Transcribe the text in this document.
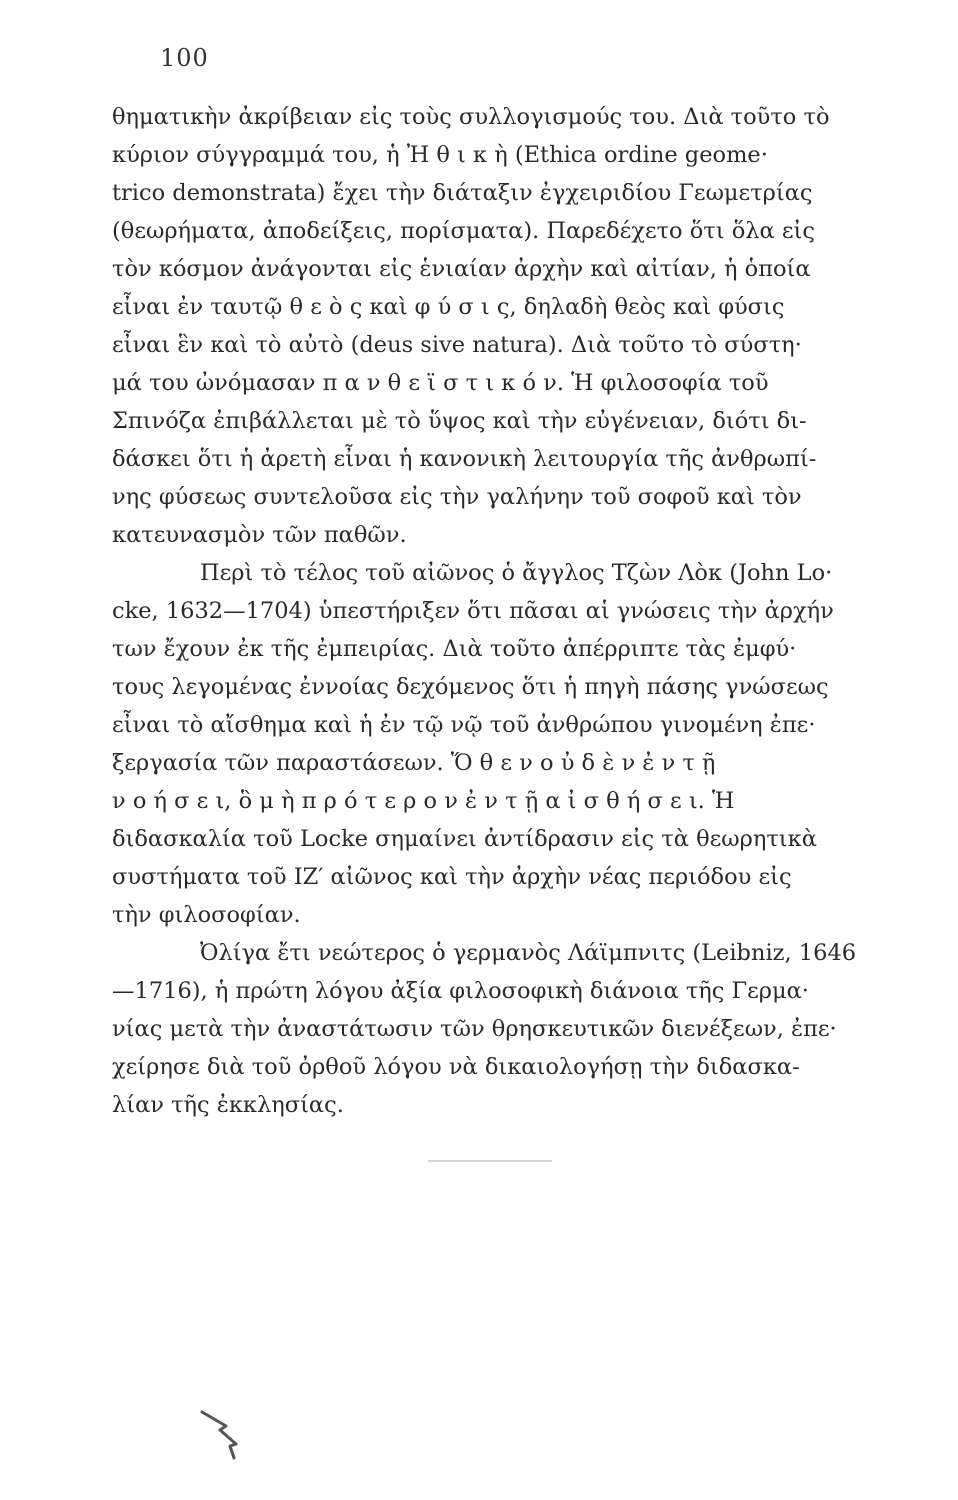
100
θηματικὴν ἀκρίβειαν εἰς τοὺς συλλογισμούς του. Διὰ τοῦτο τὸ
κύριον σύγγραμμά του, ἡ Ἠ θ ι κ ὴ (Ethica ordine geome·
trico demonstrata) ἔχει τὴν διάταξιν ἐγχειριδίου Γεωμετρίας
(θεωρήματα, ἀποδείξεις, πορίσματα). Παρεδέχετο ὅτι ὅλα εἰς
τὸν κόσμον ἀνάγονται εἰς ἑνιαίαν ἀρχὴν καὶ αἰτίαν, ἡ ὁποία
εἶναι ἐν ταυτῷ θ ε ὸ ς καὶ φ ύ σ ι ς, δηλαδὴ θεὸς καὶ φύσις
εἶναι ἓν καὶ τὸ αὐτὸ (deus sive natura). Διὰ τοῦτο τὸ σύστη·
μά του ὠνόμασαν π α ν θ ε ϊ σ τ ι κ ό ν. Ἡ φιλοσοφία τοῦ
Σπινόζα ἐπιβάλλεται μὲ τὸ ὕψος καὶ τὴν εὐγένειαν, διότι δι-
δάσκει ὅτι ἡ ἀρετὴ εἶναι ἡ κανονικὴ λειτουργία τῆς ἀνθρωπί-
νης φύσεως συντελοῦσα εἰς τὴν γαλήνην τοῦ σοφοῦ καὶ τὸν
κατευνασμὸν τῶν παθῶν.
Περὶ τὸ τέλος τοῦ αἰῶνος ὁ ἄγγλος Τζὼν Λὸκ (John Lo·
cke, 1632—1704) ὑπεστήριξεν ὅτι πᾶσαι αἱ γνώσεις τὴν ἀρχήν
των ἔχουν ἐκ τῆς ἐμπειρίας. Διὰ τοῦτο ἀπέρριπτε τὰς ἐμφύ·
τους λεγομένας ἐννοίας δεχόμενος ὅτι ἡ πηγὴ πάσης γνώσεως
εἶναι τὸ αἴσθημα καὶ ἡ ἐν τῷ νῷ τοῦ ἀνθρώπου γινομένη ἐπε·
ξεργασία τῶν παραστάσεων. Ὅ θ ε ν ο ὐ δ ὲ ν ἐ ν τ ῇ
ν ο ή σ ε ι, ὃ μ ὴ π ρ ό τ ε ρ ο ν ἐ ν τ ῇ α ἰ σ θ ή σ ε ι. Ἡ
διδασκαλία τοῦ Locke σημαίνει ἀντίδρασιν εἰς τὰ θεωρητικὰ
συστήματα τοῦ ΙΖ′ αἰῶνος καὶ τὴν ἀρχὴν νέας περιόδου εἰς
τὴν φιλοσοφίαν.
Ὀλίγα ἔτι νεώτερος ὁ γερμανὸς Λάϊμπνιτς (Leibniz, 1646
—1716), ἡ πρώτη λόγου ἀξία φιλοσοφικὴ διάνοια τῆς Γερμα·
νίας μετὰ τὴν ἀναστάτωσιν τῶν θρησκευτικῶν διενέξεων, ἐπε·
χείρησε διὰ τοῦ ὀρθοῦ λόγου νὰ δικαιολογήσῃ τὴν διδασκα-
λίαν τῆς ἐκκλησίας.
